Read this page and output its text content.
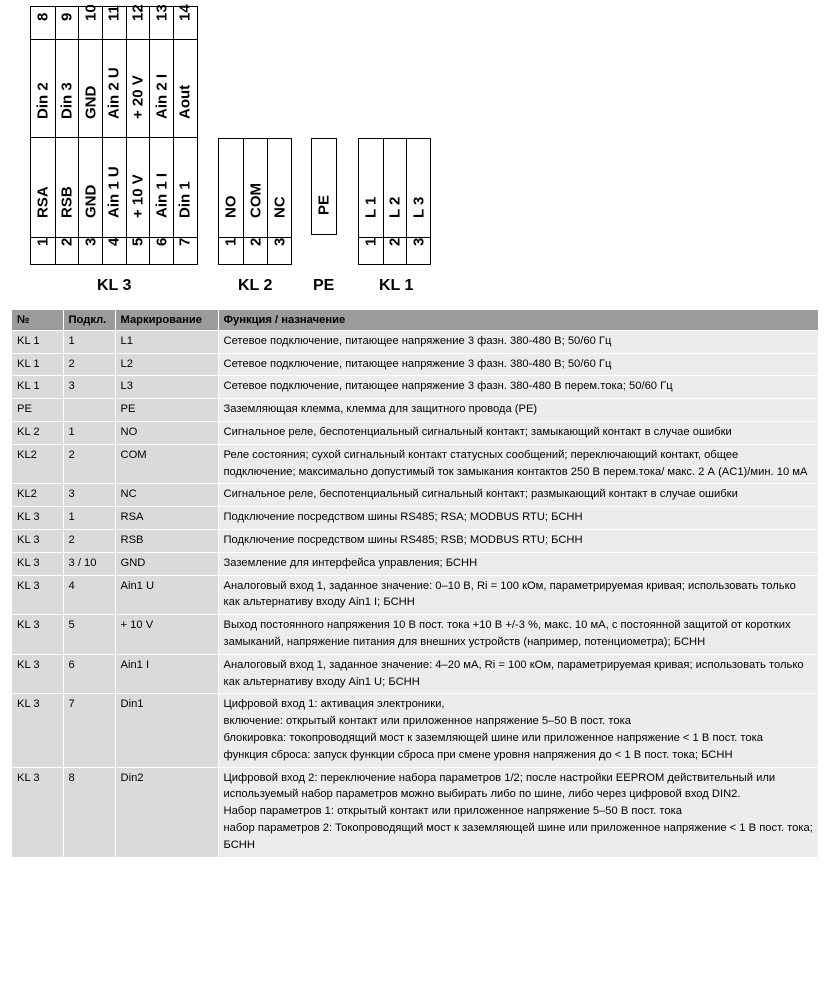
8 9 10 11 12 13 14
Din 2 Din 3 GND Ain 2 U + 20 V Ain 2 I Aout
RSA RSB GND Ain 1 U + 10 V Ain 1 I Din 1
1 2 3 4 5 6 7
NO COM NC
1 2 3
PE L 1 L 2 L 3
1 2 3
KL 3	KL 2	PE	KL 1
№	Подкл.	Маркирование	Функция / назначение
KL 1	1	L1	Сетевое подключение, питающее напряжение 3 фазн. 380-480 В; 50/60 Гц
KL 1	2	L2	Сетевое подключение, питающее напряжение 3 фазн. 380-480 В; 50/60 Гц
KL 1	3	L3	Сетевое подключение, питающее напряжение 3 фазн. 380-480 В перем.тока; 50/60 Гц
PE		PE	Заземляющая клемма, клемма для защитного провода (PE)
KL 2	1	NO	Сигнальное реле, беспотенциальный сигнальный контакт; замыкающий контакт в случае ошибки
KL2	2	COM	Реле состояния; сухой сигнальный контакт статусных сообщений; переключающий контакт, общее подключение; максимально допустимый ток замыкания контактов 250 В перем.тока/ макс. 2 А (AC1)/мин. 10 мА
KL2	3	NC	Сигнальное реле, беспотенциальный сигнальный контакт; размыкающий контакт в случае ошибки
KL 3	1	RSA	Подключение посредством шины RS485; RSA; MODBUS RTU; БСНН
KL 3	2	RSB	Подключение посредством шины RS485; RSB; MODBUS RTU; БСНН
KL 3	3 / 10	GND	Заземление для интерфейса управления; БСНН
KL 3	4	Ain1 U	Аналоговый вход 1, заданное значение: 0–10 В, Ri = 100 кОм, параметрируемая кривая; использовать только как альтернативу входу Ain1 I; БСНН
KL 3	5	+ 10 V	Выход постоянного напряжения 10 В пост. тока +10 В +/-3 %, макс. 10 мА, с постоянной защитой от коротких замыканий, напряжение питания для внешних устройств (например, потенциометра); БСНН
KL 3	6	Ain1 I	Аналоговый вход 1, заданное значение: 4–20 мА, Ri = 100 кОм, параметрируемая кривая; использовать только как альтернативу входу Ain1 U; БСНН
KL 3	7	Din1	Цифровой вход 1: активация электроники,
включение: открытый контакт или приложенное напряжение 5–50 В пост. тока
блокировка: токопроводящий мост к заземляющей шине или приложенное напряжение < 1 В пост. тока
функция сброса: запуск функции сброса при смене уровня напряжения до < 1 В пост. тока; БСНН
KL 3	8	Din2	Цифровой вход 2: переключение набора параметров 1/2; после настройки EEPROM действительный или используемый набор параметров можно выбирать либо по шине, либо через цифровой вход DIN2.
Набор параметров 1: открытый контакт или приложенное напряжение 5–50 В пост. тока
набор параметров 2: Токопроводящий мост к заземляющей шине или приложенное напряжение < 1 В пост. тока; БСНН
